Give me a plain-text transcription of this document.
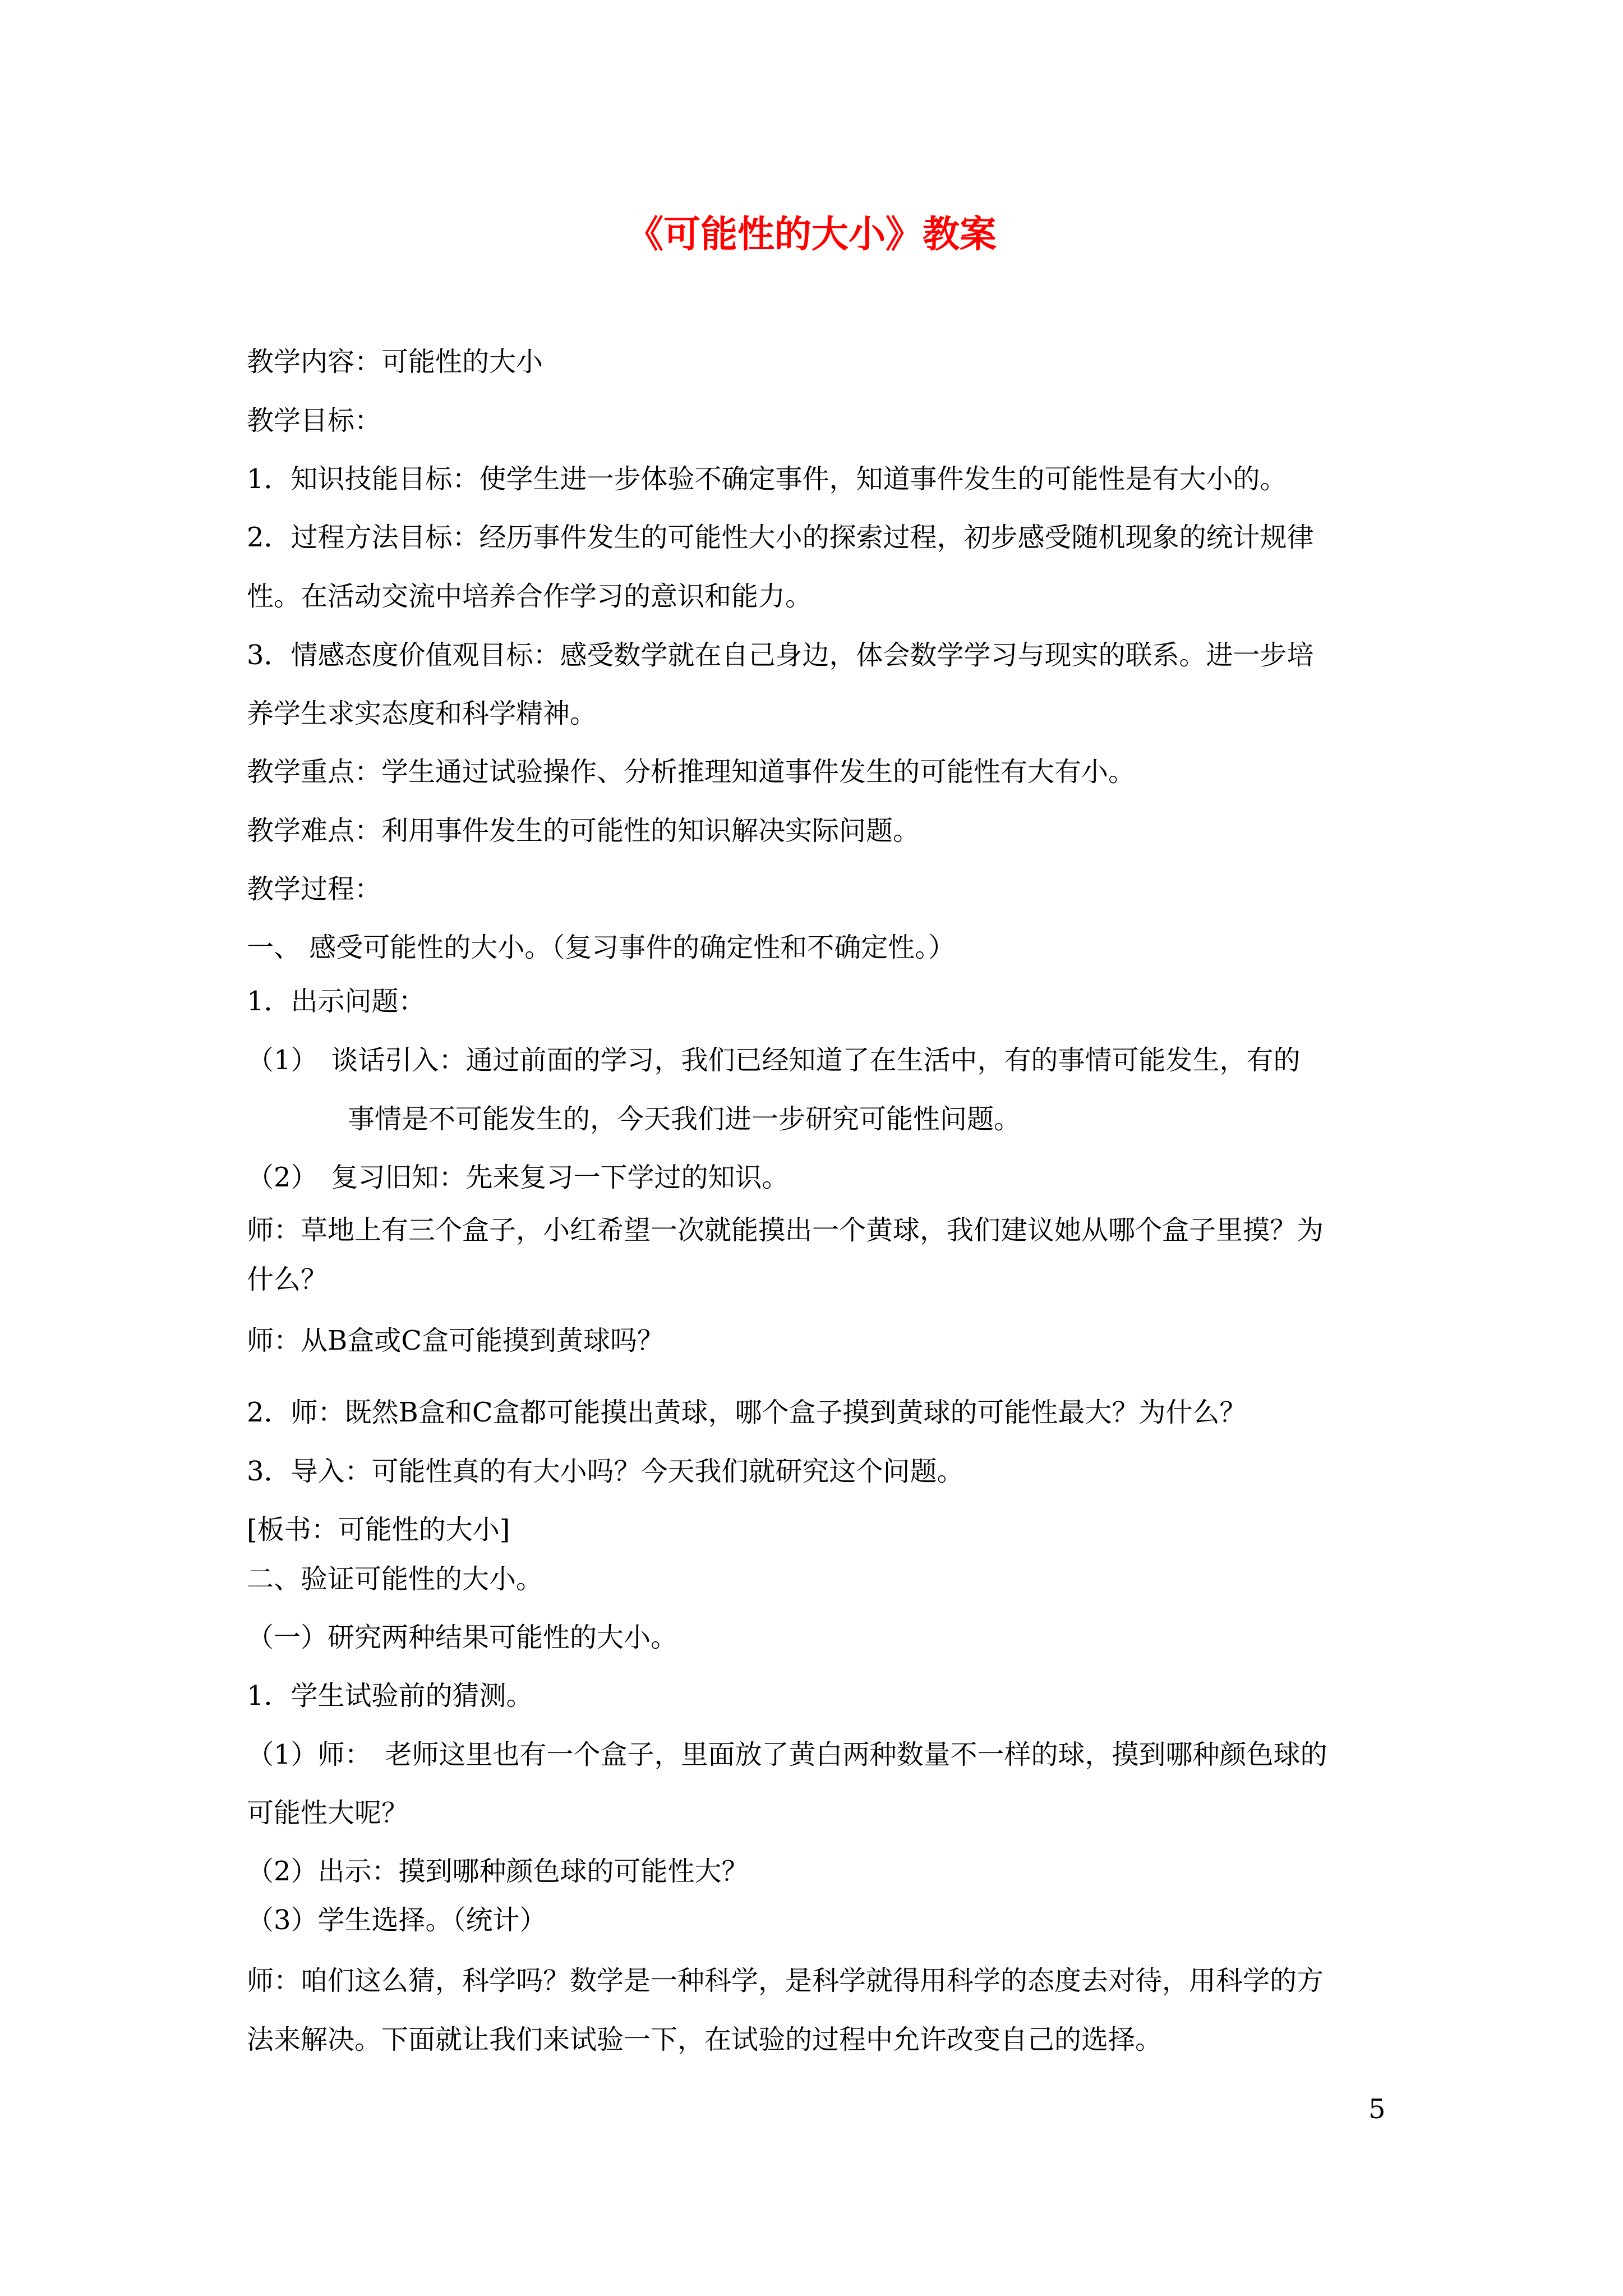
《可能性的大小》教案
教学内容：可能性的大小
教学目标：
1．知识技能目标：使学生进一步体验不确定事件，知道事件发生的可能性是有大小的。
2．过程方法目标：经历事件发生的可能性大小的探索过程，初步感受随机现象的统计规律
性。在活动交流中培养合作学习的意识和能力。
3．情感态度价值观目标：感受数学就在自己身边，体会数学学习与现实的联系。进一步培
养学生求实态度和科学精神。
教学重点：学生通过试验操作、分析推理知道事件发生的可能性有大有小。
教学难点：利用事件发生的可能性的知识解决实际问题。
教学过程：
一、 感受可能性的大小。（复习事件的确定性和不确定性。）
1．出示问题：
（1）　谈话引入：通过前面的学习，我们已经知道了在生活中，有的事情可能发生，有的
事情是不可能发生的，今天我们进一步研究可能性问题。
（2）　复习旧知：先来复习一下学过的知识。
师：草地上有三个盒子，小红希望一次就能摸出一个黄球，我们建议她从哪个盒子里摸？为
什么？
师：从B盒或C盒可能摸到黄球吗？
2．师：既然B盒和C盒都可能摸出黄球，哪个盒子摸到黄球的可能性最大？为什么？
3．导入：可能性真的有大小吗？今天我们就研究这个问题。
[板书：可能性的大小]
二、验证可能性的大小。
（一）研究两种结果可能性的大小。
1．学生试验前的猜测。
（1）师：　老师这里也有一个盒子，里面放了黄白两种数量不一样的球，摸到哪种颜色球的
可能性大呢？
（2）出示：摸到哪种颜色球的可能性大？
（3）学生选择。（统计）
师：咱们这么猜，科学吗？数学是一种科学，是科学就得用科学的态度去对待，用科学的方
法来解决。下面就让我们来试验一下，在试验的过程中允许改变自己的选择。
5
